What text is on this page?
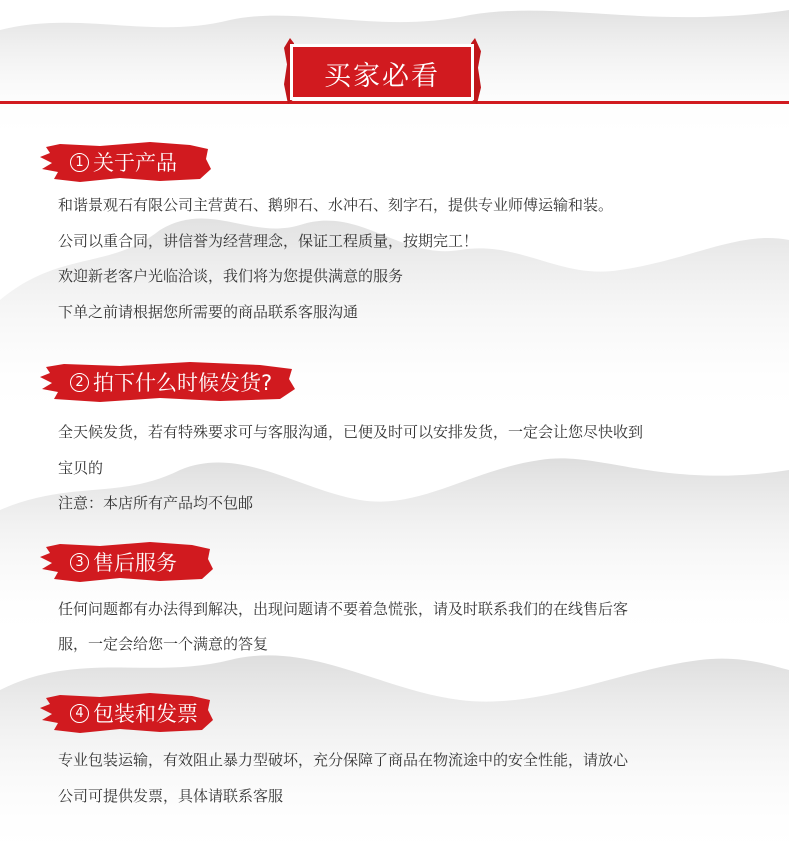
买家必看
1 关于产品
和谐景观石有限公司主营黄石、鹅卵石、水冲石、刻字石，提供专业师傅运输和装。
公司以重合同，讲信誉为经营理念，保证工程质量，按期完工！
欢迎新老客户光临洽谈，我们将为您提供满意的服务
下单之前请根据您所需要的商品联系客服沟通
2 拍下什么时候发货?
全天候发货，若有特殊要求可与客服沟通，已便及时可以安排发货，一定会让您尽快收到
宝贝的
注意：本店所有产品均不包邮
3 售后服务
任何问题都有办法得到解决，出现问题请不要着急慌张，请及时联系我们的在线售后客
服，一定会给您一个满意的答复
4 包装和发票
专业包装运输，有效阻止暴力型破坏，充分保障了商品在物流途中的安全性能，请放心
公司可提供发票，具体请联系客服
